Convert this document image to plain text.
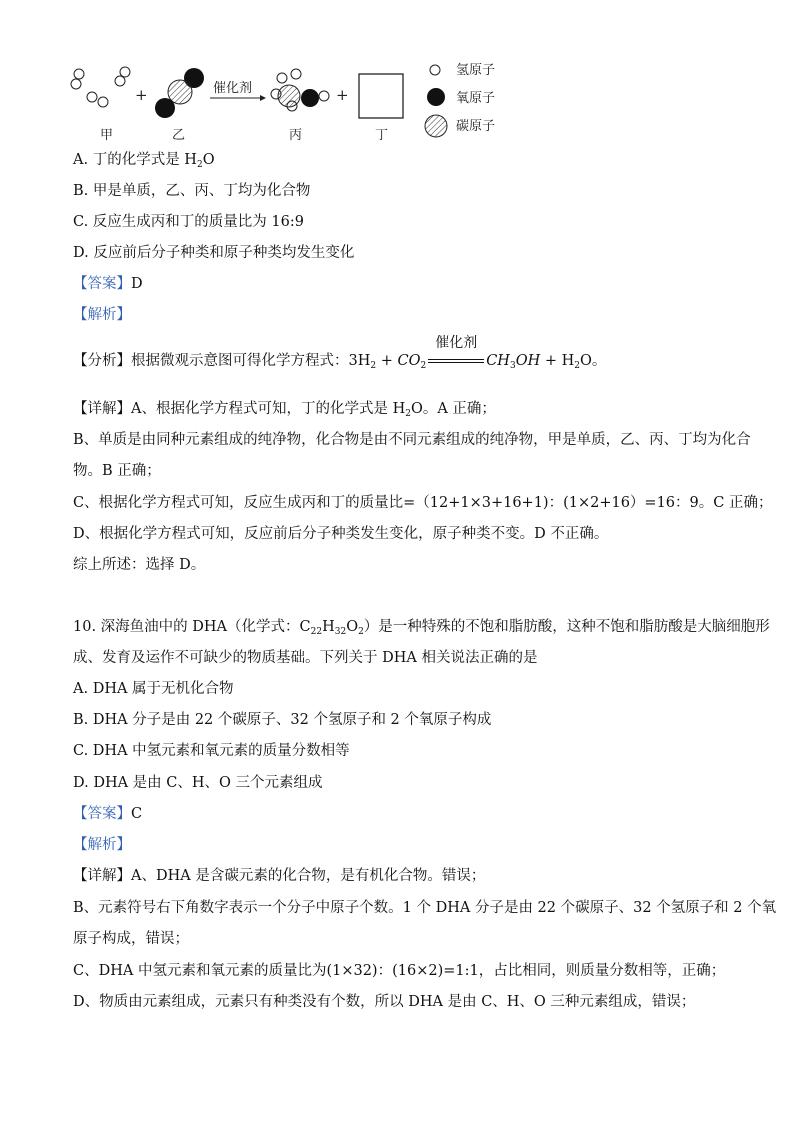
甲
+
乙
催化剂
丙
+
丁
氢原子
氧原子
碳原子
A. 丁的化学式是 $H_2O$
B. 甲是单质，乙、丙、丁均为化合物
C. 反应生成丙和丁的质量比为 16:9
D. 反应前后分子种类和原子种类均发生变化
【答案】D
【解析】
【分析】根据微观示意图可得化学方程式：$3H_2 + CO_2$
催化剂
$CH_3OH + H_2O$。
【详解】A、根据化学方程式可知，丁的化学式是 $H_2O$。A 正确；
B、单质是由同种元素组成的纯净物，化合物是由不同元素组成的纯净物，甲是单质，乙、丙、丁均为化合
物。B 正确；
C、根据化学方程式可知，反应生成丙和丁的质量比=（12+1×3+16+1)：(1×2+16）=16：9。C 正确；
D、根据化学方程式可知，反应前后分子种类发生变化，原子种类不变。D 不正确。
综上所述：选择 D。
10. 深海鱼油中的 DHA（化学式：$C_{22}H_{32}O_2$）是一种特殊的不饱和脂肪酸，这种不饱和脂肪酸是大脑细胞形
成、发育及运作不可缺少的物质基础。下列关于 DHA 相关说法正确的是
A. DHA 属于无机化合物
B. DHA 分子是由 22 个碳原子、32 个氢原子和 2 个氧原子构成
C. DHA 中氢元素和氧元素的质量分数相等
D. DHA 是由 C、H、O 三个元素组成
【答案】C
【解析】
【详解】A、DHA 是含碳元素的化合物，是有机化合物。错误；
B、元素符号右下角数字表示一个分子中原子个数。1 个 DHA 分子是由 22 个碳原子、32 个氢原子和 2 个氧
原子构成，错误；
C、DHA 中氢元素和氧元素的质量比为(1×32)：(16×2)=1:1，占比相同，则质量分数相等，正确；
D、物质由元素组成，元素只有种类没有个数，所以 DHA 是由 C、H、O 三种元素组成，错误；
